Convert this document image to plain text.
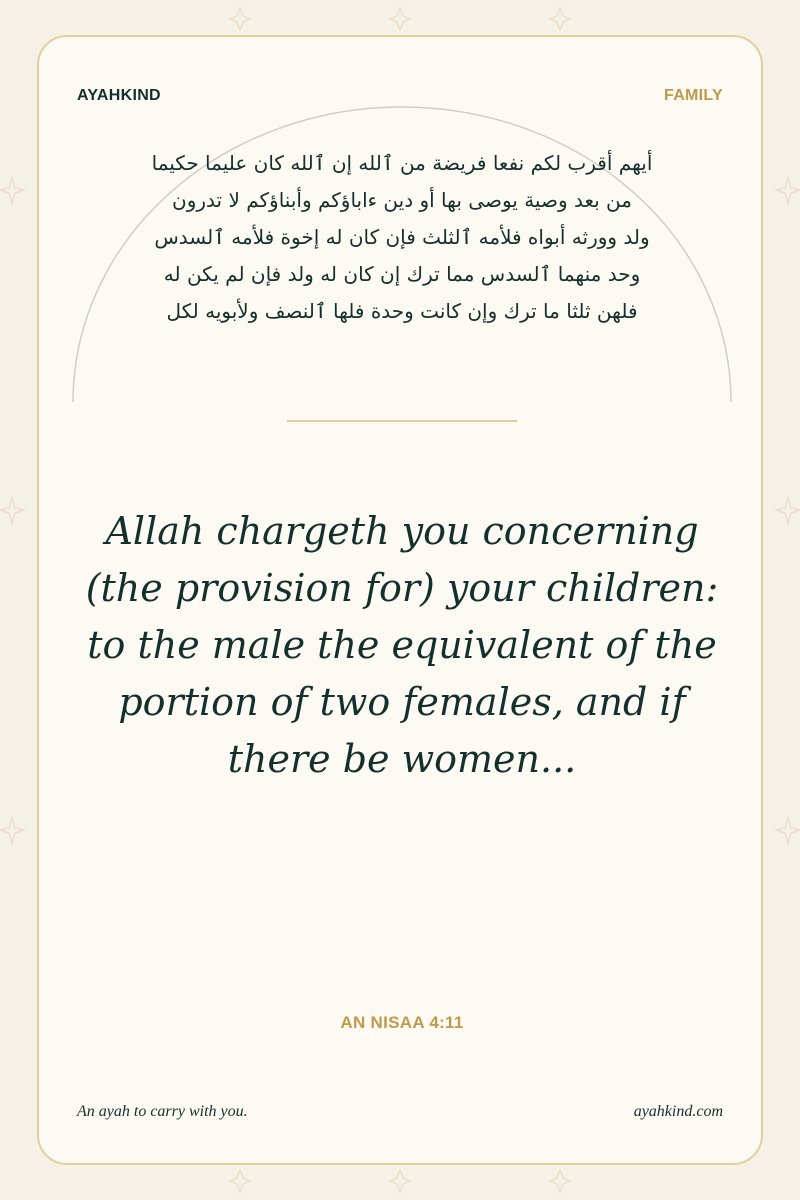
AYAHKIND	FAMILY
أيهم أقرب لكم نفعا فريضة من ٱلله إن ٱلله كان عليما حكيما
من بعد وصية يوصى بها أو دين ءاباؤكم وأبناؤكم لا تدرون
ولد وورثه أبواه فلأمه ٱلثلث فإن كان له إخوة فلأمه ٱلسدس
وحد منهما ٱلسدس مما ترك إن كان له ولد فإن لم يكن له
فلهن ثلثا ما ترك وإن كانت وحدة فلها ٱلنصف ولأبويه لكل

Allah chargeth you concerning (the provision for) your children: to the male the equivalent of the portion of two females, and if there be women...

AN NISAA 4:11
An ayah to carry with you.	ayahkind.com
